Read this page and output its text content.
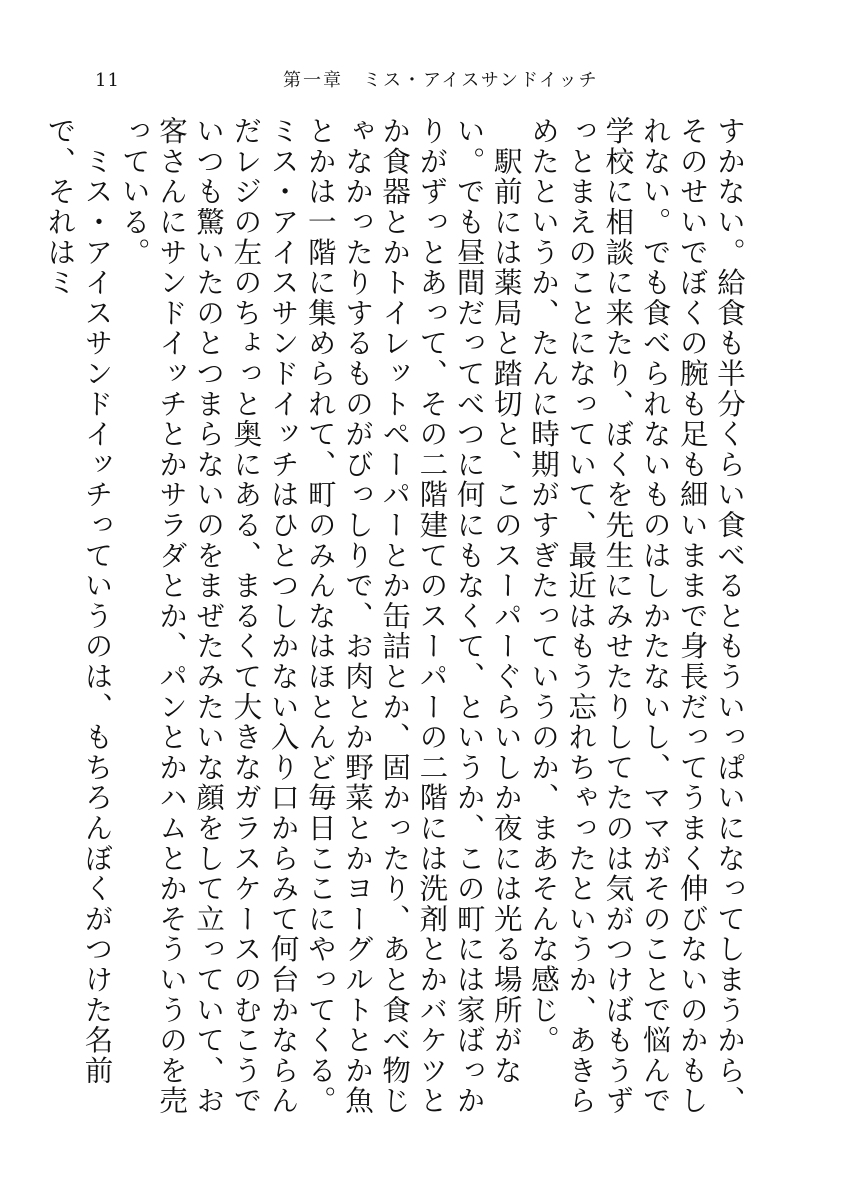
11	第一章　ミス・アイスサンドイッチ

すかない。給食も半分くらい食べるともういっぱいになってしまうから、そのせいでぼくの腕も足も細いままで身長だってうまく伸びないのかもしれない。でも食べられないものはしかたないし、ママがそのことで悩んで学校に相談に来たり、ぼくを先生にみせたりしてたのは気がつけばもうずっとまえのことになっていて、最近はもう忘れちゃったというか、あきらめたというか、たんに時期がすぎたっていうのか、まあそんな感じ。

　駅前には薬局と踏切と、このスーパーぐらいしか夜には光る場所がない。でも昼間だってべつに何にもなくて、というか、この町には家ばっかりがずっとあって、その二階建てのスーパーの二階には洗剤とかバケツとか食器とかトイレットペーパーとか缶詰とか、固かったり、あと食べ物じゃなかったりするものがびっしりで、お肉とか野菜とかヨーグルトとか魚とかは一階に集められて、町のみんなはほとんど毎日ここにやってくる。ミス・アイスサンドイッチはひとつしかない入り口からみて何台かならんだレジの左のちょっと奥にある、まるくて大きなガラスケースのむこうでいつも驚いたのとつまらないのをまぜたみたいな顔をして立っていて、お客さんにサンドイッチとかサラダとか、パンとかハムとかそういうのを売っている。

　ミス・アイスサンドイッチっていうのは、もちろんぼくがつけた名前で、それはミ
